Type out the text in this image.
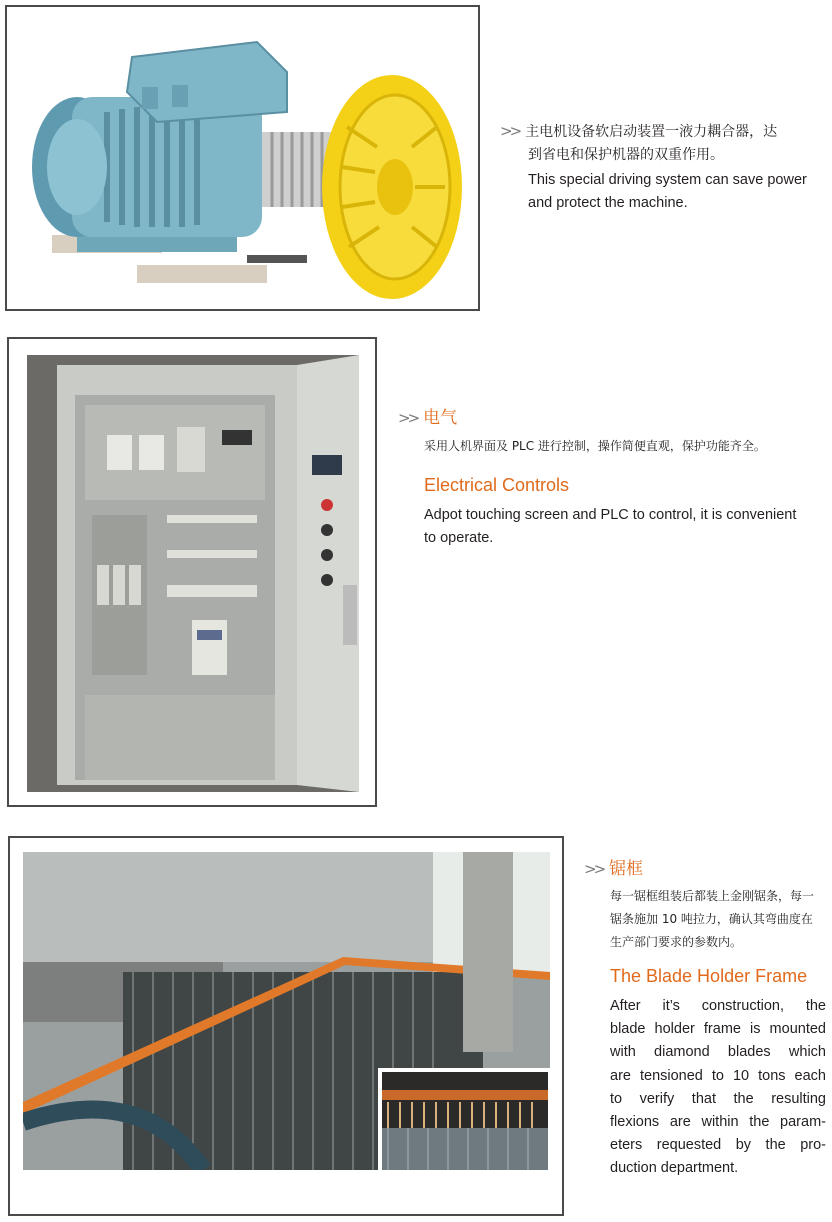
>> 主电机设备软启动装置一液力耦合器，达
到省电和保护机器的双重作用。
This special driving system can save power
and protect the machine.
>> 电气
采用人机界面及 PLC 进行控制，操作简便直观，保护功能齐全。
Electrical Controls
Adpot touching screen and PLC to control, it is convenient
to operate.
>> 锯框
每一锯框组装后都装上金刚锯条，每一
锯条施加 10 吨拉力，确认其弯曲度在
生产部门要求的参数内。
The Blade Holder Frame
After it’s construction, the
blade holder frame is mounted
with diamond blades which
are tensioned to 10 tons each
to verify that the resulting
flexions are within the param-
eters requested by the pro-
duction department.
